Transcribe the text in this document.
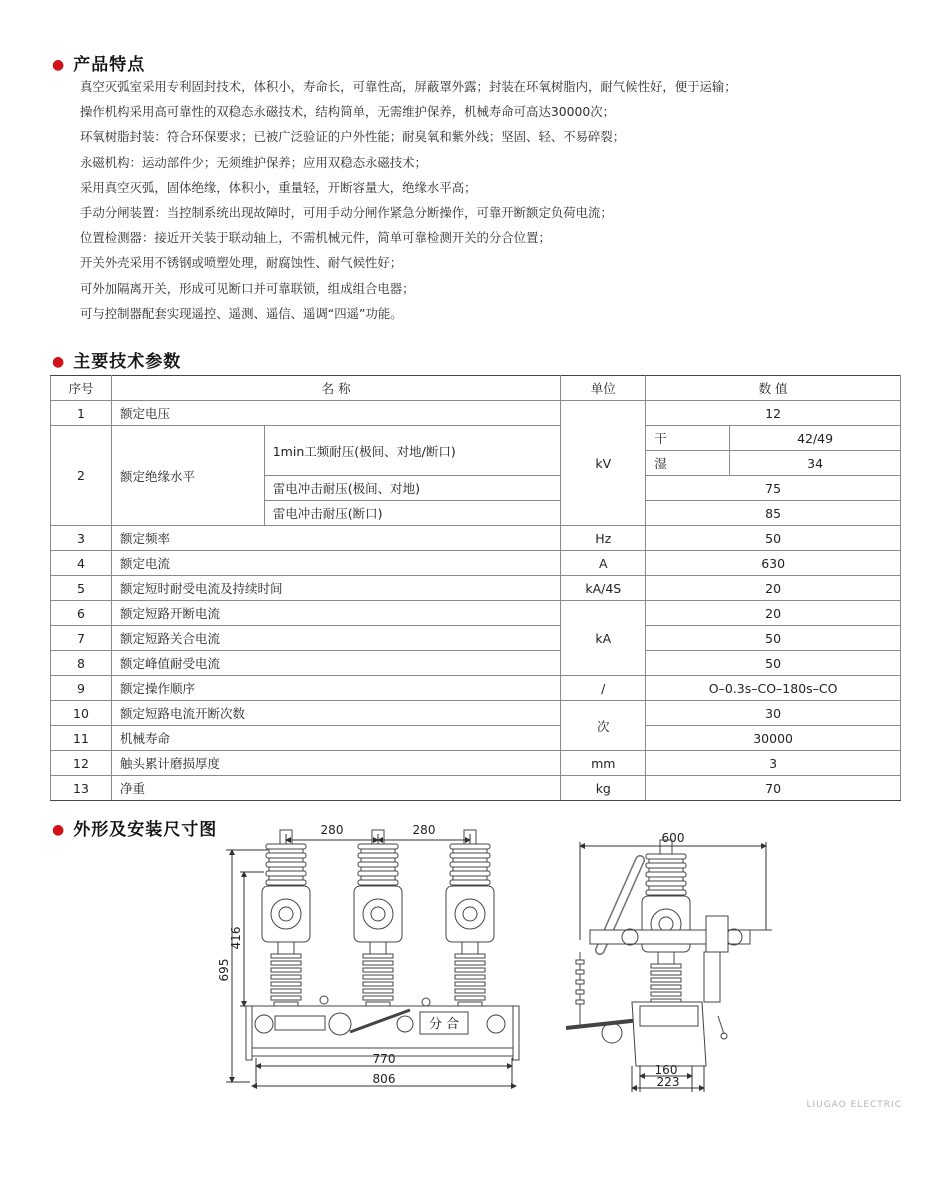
● 产品特点
真空灭弧室采用专利固封技术，体积小，寿命长，可靠性高，屏蔽罩外露；封装在环氧树脂内，耐气候性好，便于运输；
操作机构采用高可靠性的双稳态永磁技术，结构简单，无需维护保养，机械寿命可高达30000次；
环氧树脂封装：符合环保要求；已被广泛验证的户外性能；耐臭氧和紫外线；坚固、轻、不易碎裂；
永磁机构：运动部件少；无须维护保养；应用双稳态永磁技术；
采用真空灭弧，固体绝缘，体积小，重量轻，开断容量大，绝缘水平高；
手动分闸装置：当控制系统出现故障时，可用手动分闸作紧急分断操作，可靠开断额定负荷电流；
位置检测器：接近开关装于联动轴上，不需机械元件，简单可靠检测开关的分合位置；
开关外壳采用不锈钢或喷塑处理，耐腐蚀性、耐气候性好；
可外加隔离开关，形成可见断口并可靠联锁，组成组合电器；
可与控制器配套实现遥控、遥测、遥信、遥调“四遥”功能。
● 主要技术参数
序号	名 称		单位	数 值	
1	额定电压		kV	12	
2	额定绝缘水平	1min工频耐压(极间、对地/断口)		干	42/49
				湿	34
		雷电冲击耐压(极间、对地)		75	
		雷电冲击耐压(断口)		85	
3	额定频率		Hz	50	
4	额定电流		A	630	
5	额定短时耐受电流及持续时间		kA/4S	20	
6	额定短路开断电流		kA	20	
7	额定短路关合电流			50	
8	额定峰值耐受电流			50	
9	额定操作顺序		/	O–0.3s–CO–180s–CO	
10	额定短路电流开断次数		次	30	
11	机械寿命			30000	
12	触头累计磨损厚度		mm	3	
13	净重		kg	70	
● 外形及安装尺寸图	280	280
695
416
分 合
770
806
600
160
223
LIUGAO ELECTRIC
